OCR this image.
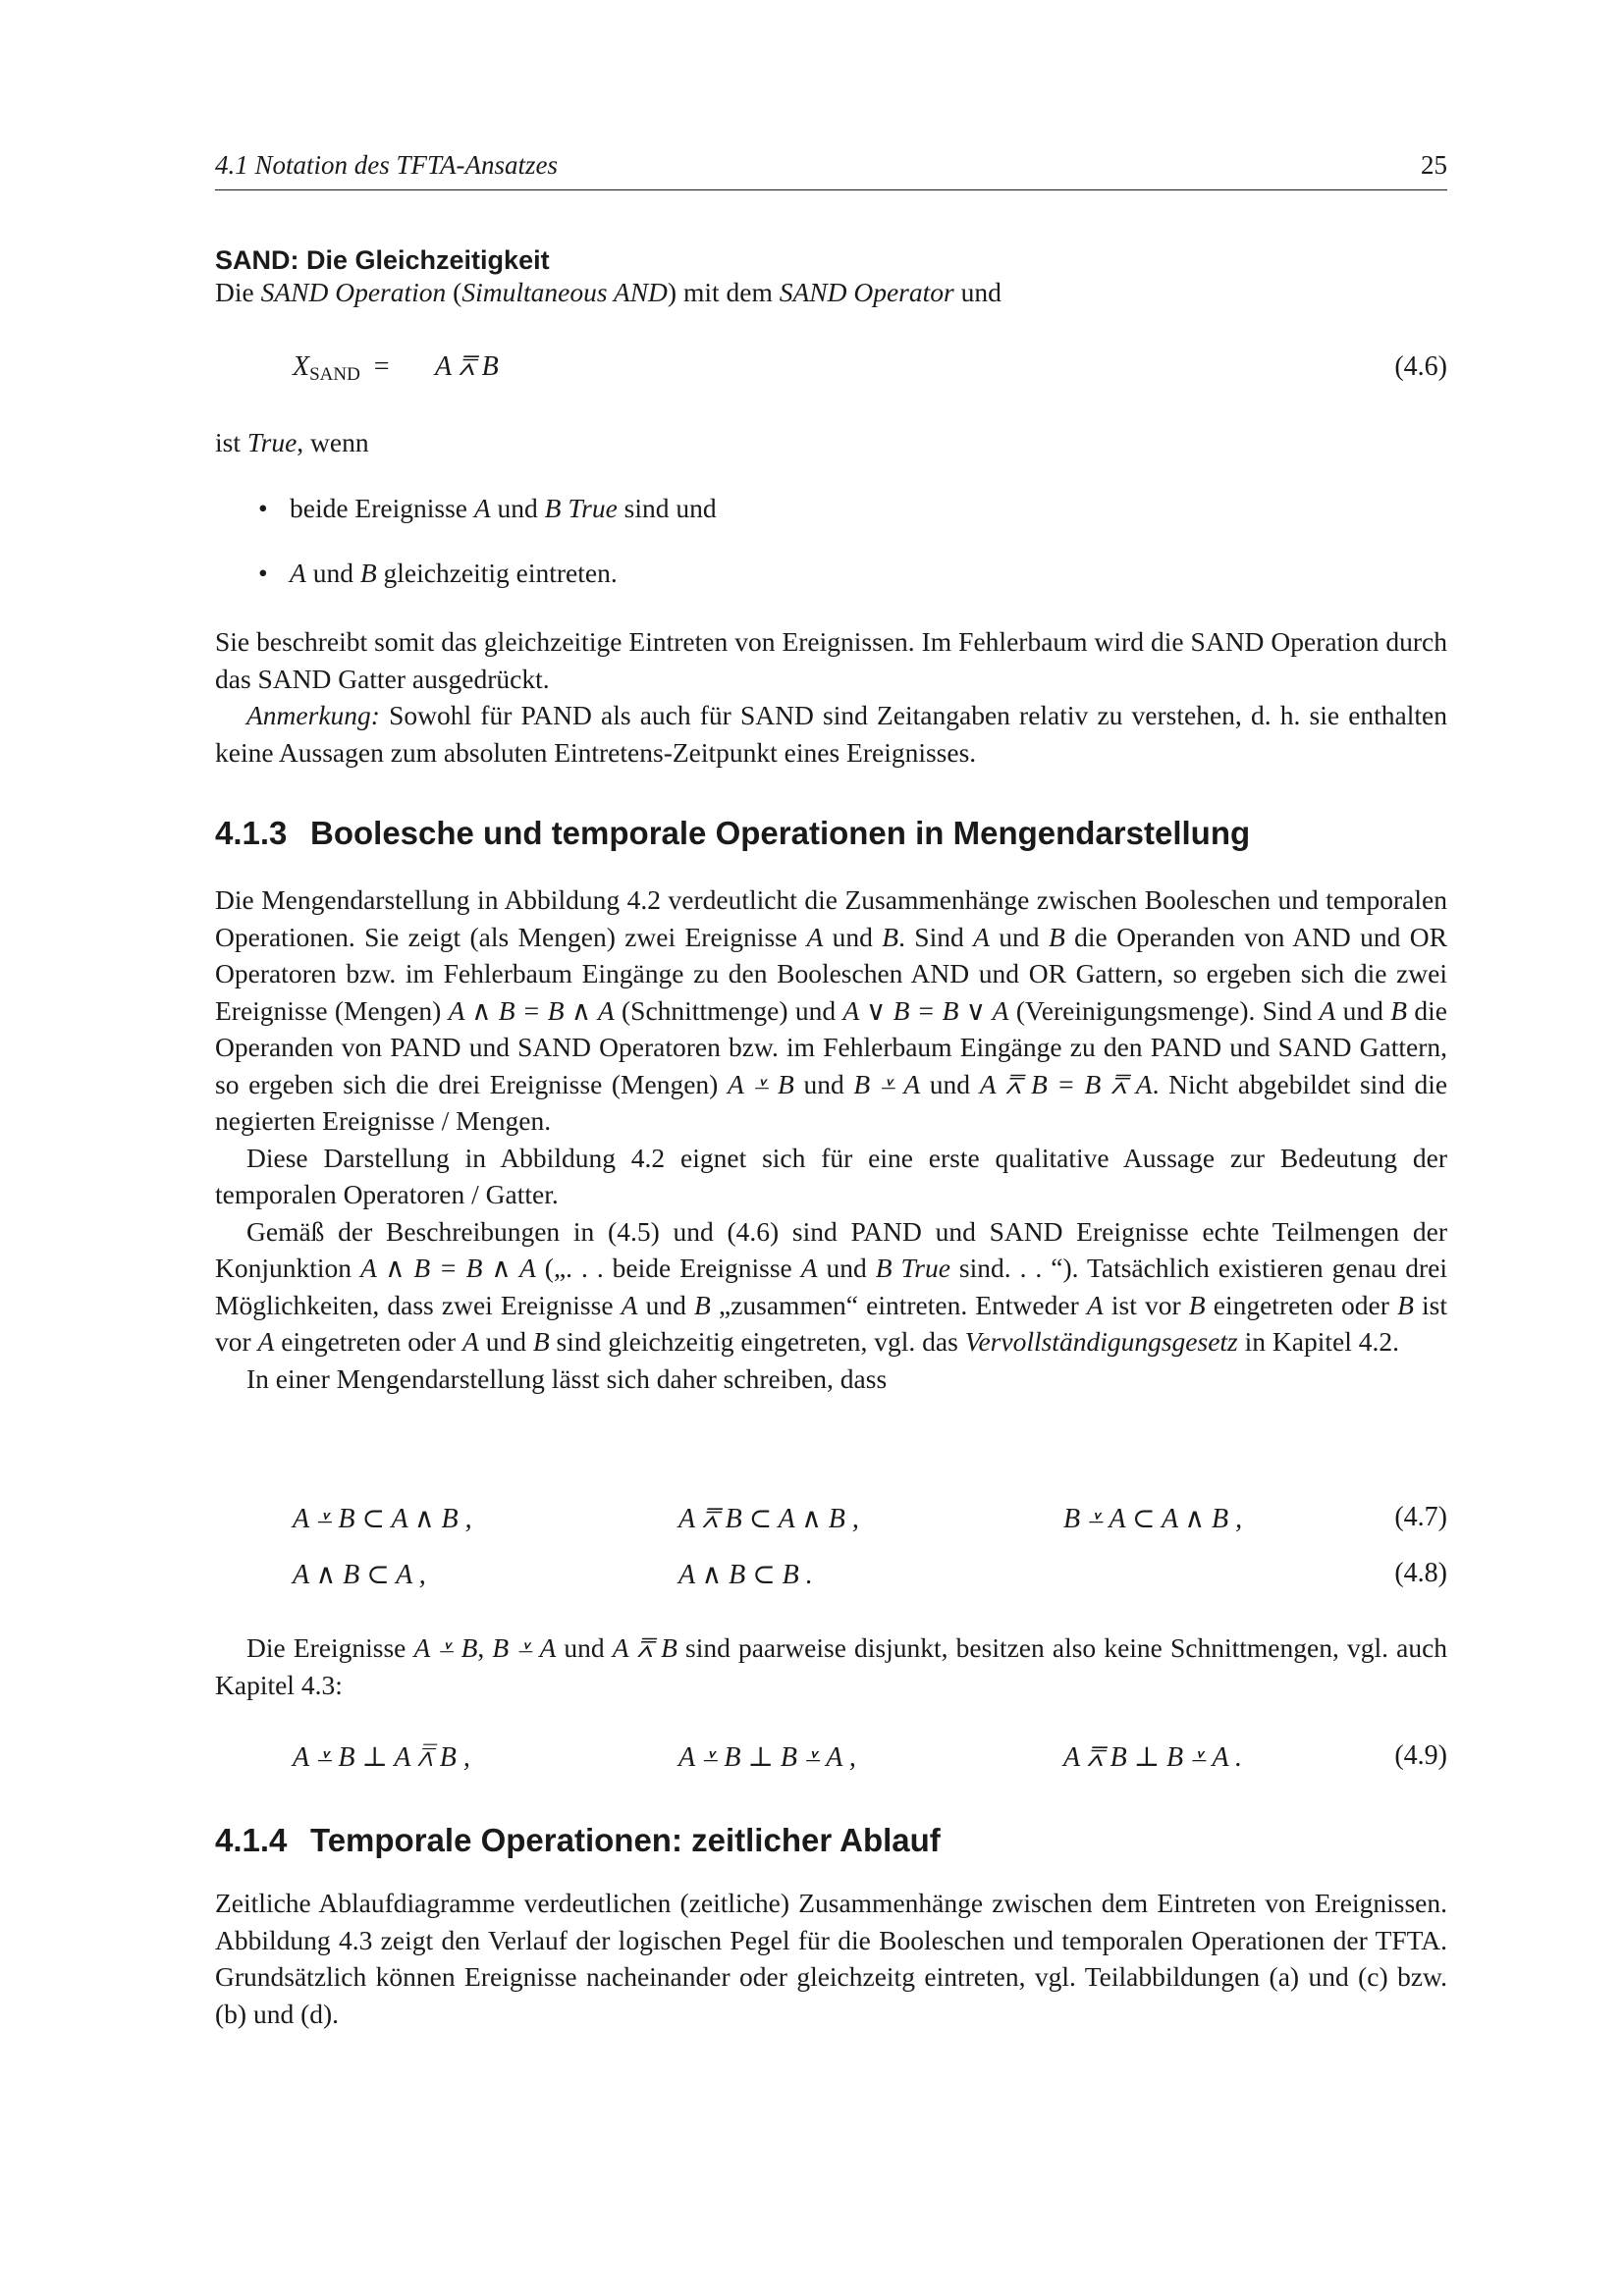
4.1 Notation des TFTA-Ansatzes	25

SAND: Die Gleichzeitigkeit

Die SAND Operation (Simultaneous AND) mit dem SAND Operator und

$X_{SAND} = A$ ⩞ B	(4.6)

ist True, wenn

• beide Ereignisse A und B True sind und
• A und B gleichzeitig eintreten.

Sie beschreibt somit das gleichzeitige Eintreten von Ereignissen. Im Fehlerbaum wird die SAND Operation durch das SAND Gatter ausgedrückt.

Anmerkung: Sowohl für PAND als auch für SAND sind Zeitangaben relativ zu verstehen, d. h. sie enthalten keine Aussagen zum absoluten Eintretens-Zeitpunkt eines Ereignisses.

4.1.3 Boolesche und temporale Operationen in Mengendarstellung

Die Mengendarstellung in Abbildung 4.2 verdeutlicht die Zusammenhänge zwischen Booleschen und temporalen Operationen. Sie zeigt (als Mengen) zwei Ereignisse A und B. Sind A und B die Operanden von AND und OR Operatoren bzw. im Fehlerbaum Eingänge zu den Booleschen AND und OR Gattern, so ergeben sich die zwei Ereignisse (Mengen) A ∧ B = B ∧ A (Schnittmenge) und A ∨ B = B ∨ A (Vereinigungsmenge). Sind A und B die Operanden von PAND und SAND Operatoren bzw. im Fehlerbaum Eingänge zu den PAND und SAND Gattern, so ergeben sich die drei Ereignisse (Mengen) A ⩡ B und B ⩡ A und A ⩞ B = B ⩞ A. Nicht abgebildet sind die negierten Ereignisse / Mengen.

Diese Darstellung in Abbildung 4.2 eignet sich für eine erste qualitative Aussage zur Bedeutung der temporalen Operatoren / Gatter.

Gemäß der Beschreibungen in (4.5) und (4.6) sind PAND und SAND Ereignisse echte Teilmengen der Konjunktion A ∧ B = B ∧ A („. . . beide Ereignisse A und B True sind. . . “). Tatsächlich existieren genau drei Möglichkeiten, dass zwei Ereignisse A und B „zusammen“ eintreten. Entweder A ist vor B eingetreten oder B ist vor A eingetreten oder A und B sind gleichzeitig eingetreten, vgl. das Vervollständigungsgesetz in Kapitel 4.2.

In einer Mengendarstellung lässt sich daher schreiben, dass

A ⩡ B ⊂ A ∧ B ,	A ⩞ B ⊂ A ∧ B ,	B ⩡ A ⊂ A ∧ B ,	(4.7)
A ∧ B ⊂ A ,	A ∧ B ⊂ B .	(4.8)

Die Ereignisse A ⩡ B, B ⩡ A und A ⩞ B sind paarweise disjunkt, besitzen also keine Schnittmengen, vgl. auch Kapitel 4.3:

A ⩡ B ⊥ A ⩞ B ,	A ⩡ B ⊥ B ⩡ A ,	A ⩞ B ⊥ B ⩡ A .	(4.9)

4.1.4 Temporale Operationen: zeitlicher Ablauf

Zeitliche Ablaufdiagramme verdeutlichen (zeitliche) Zusammenhänge zwischen dem Eintreten von Ereignissen. Abbildung 4.3 zeigt den Verlauf der logischen Pegel für die Booleschen und temporalen Operationen der TFTA. Grundsätzlich können Ereignisse nacheinander oder gleichzeitg eintreten, vgl. Teilabbildungen (a) und (c) bzw. (b) und (d).
